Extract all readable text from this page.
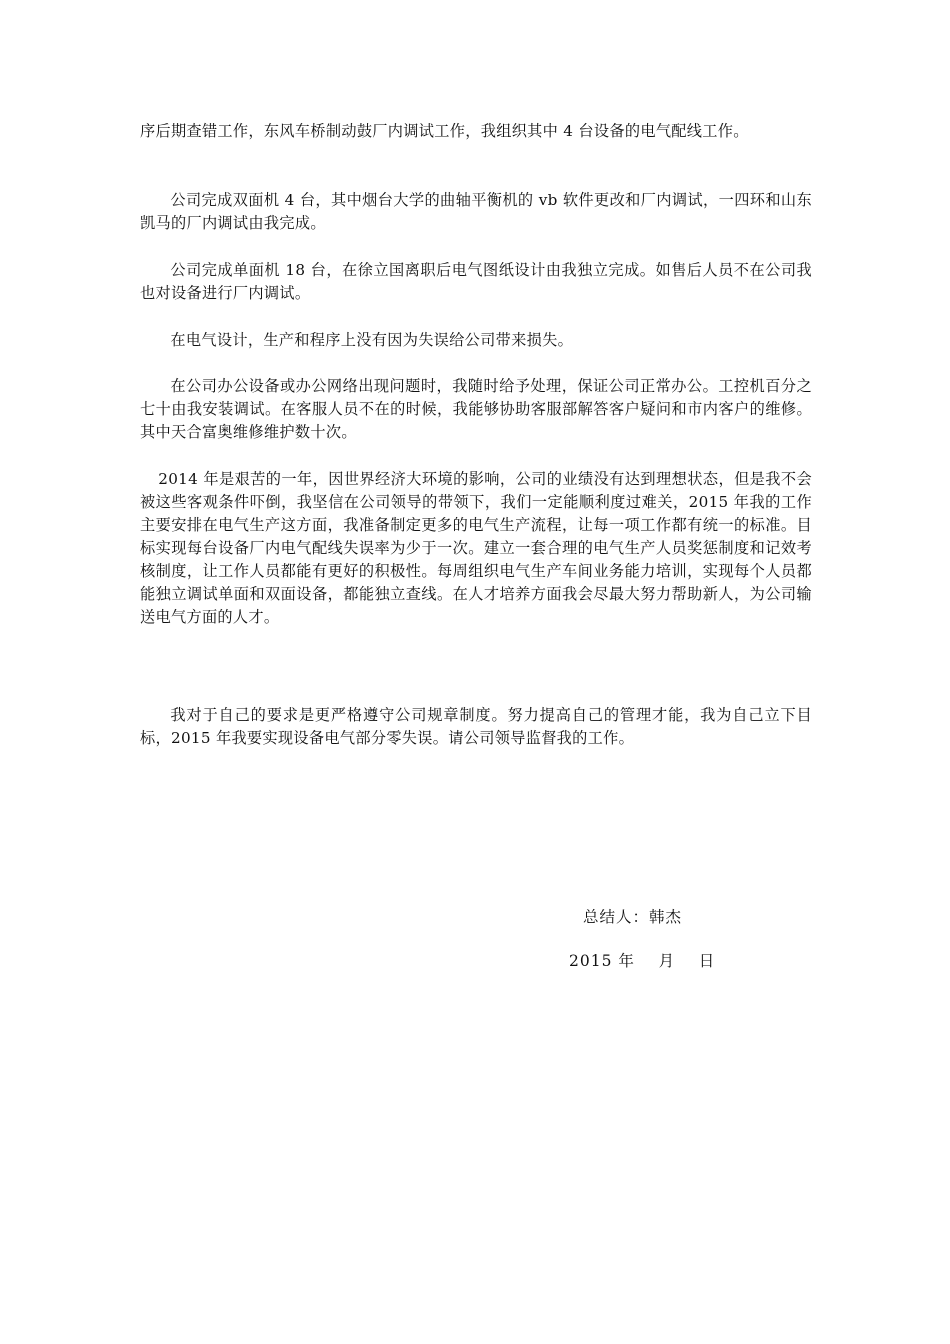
序后期查错工作，东风车桥制动鼓厂内调试工作，我组织其中 4 台设备的电气配线工作。

公司完成双面机 4 台，其中烟台大学的曲轴平衡机的 vb 软件更改和厂内调试，一四环和山东凯马的厂内调试由我完成。

公司完成单面机 18 台，在徐立国离职后电气图纸设计由我独立完成。如售后人员不在公司我也对设备进行厂内调试。

在电气设计，生产和程序上没有因为失误给公司带来损失。

在公司办公设备或办公网络出现问题时，我随时给予处理，保证公司正常办公。工控机百分之七十由我安装调试。在客服人员不在的时候，我能够协助客服部解答客户疑问和市内客户的维修。其中天合富奥维修维护数十次。

2014 年是艰苦的一年，因世界经济大环境的影响，公司的业绩没有达到理想状态，但是我不会被这些客观条件吓倒，我坚信在公司领导的带领下，我们一定能顺利度过难关，2015 年我的工作主要安排在电气生产这方面，我准备制定更多的电气生产流程，让每一项工作都有统一的标准。目标实现每台设备厂内电气配线失误率为少于一次。建立一套合理的电气生产人员奖惩制度和记效考核制度，让工作人员都能有更好的积极性。每周组织电气生产车间业务能力培训，实现每个人员都能独立调试单面和双面设备，都能独立查线。在人才培养方面我会尽最大努力帮助新人，为公司输送电气方面的人才。

我对于自己的要求是更严格遵守公司规章制度。努力提高自己的管理才能，我为自己立下目标，2015 年我要实现设备电气部分零失误。请公司领导监督我的工作。

总结人：韩杰
2015 年    月    日
